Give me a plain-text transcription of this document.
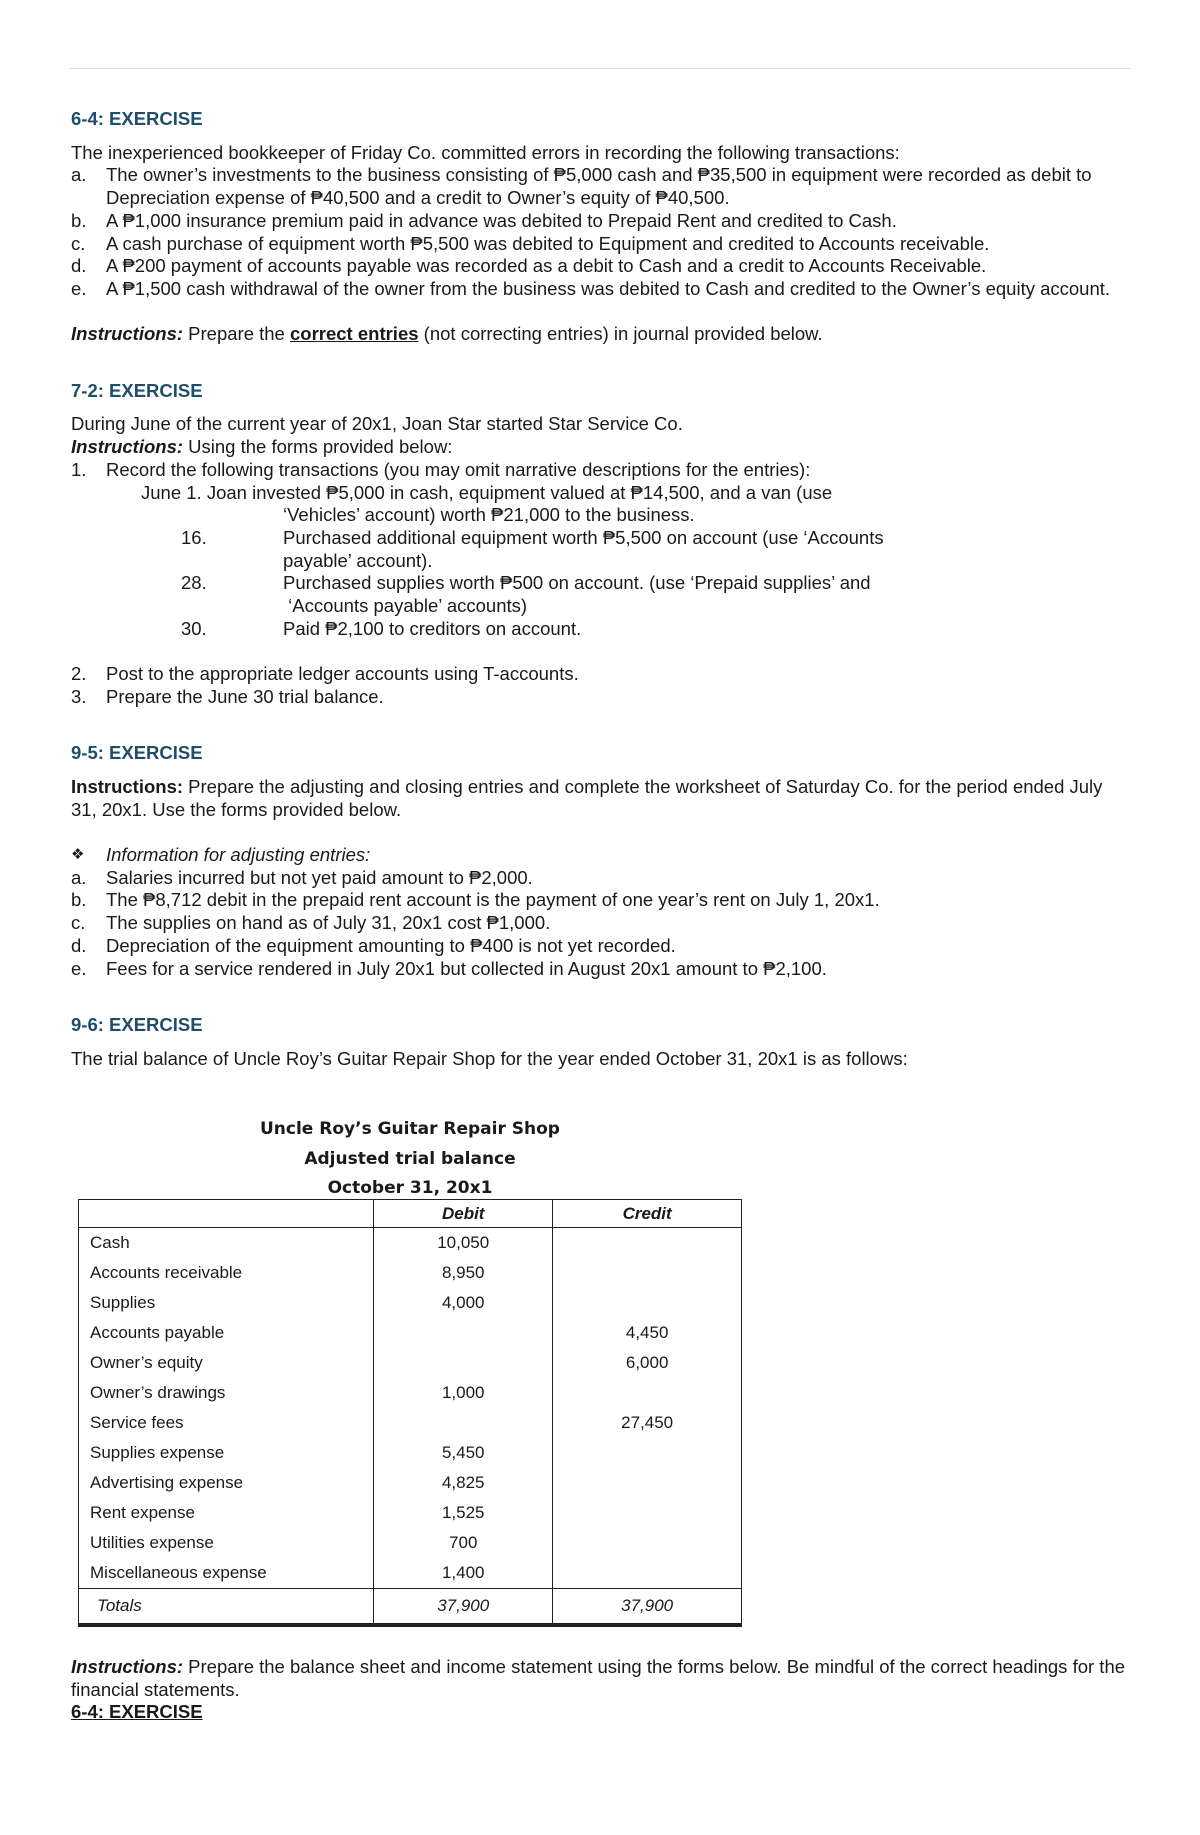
6-4: EXERCISE
The inexperienced bookkeeper of Friday Co. committed errors in recording the following transactions:
a. The owner’s investments to the business consisting of ₱5,000 cash and ₱35,500 in equipment were recorded as debit to Depreciation expense of ₱40,500 and a credit to Owner’s equity of ₱40,500.
b. A ₱1,000 insurance premium paid in advance was debited to Prepaid Rent and credited to Cash.
c. A cash purchase of equipment worth ₱5,500 was debited to Equipment and credited to Accounts receivable.
d. A ₱200 payment of accounts payable was recorded as a debit to Cash and a credit to Accounts Receivable.
e. A ₱1,500 cash withdrawal of the owner from the business was debited to Cash and credited to the Owner’s equity account.
Instructions: Prepare the correct entries (not correcting entries) in journal provided below.
7-2: EXERCISE
During June of the current year of 20x1, Joan Star started Star Service Co.
Instructions: Using the forms provided below:
1. Record the following transactions (you may omit narrative descriptions for the entries):
June 1. Joan invested ₱5,000 in cash, equipment valued at ₱14,500, and a van (use
‘Vehicles’ account) worth ₱21,000 to the business.
16.	Purchased additional equipment worth ₱5,500 on account (use ‘Accounts
payable’ account).
28.	Purchased supplies worth ₱500 on account. (use ‘Prepaid supplies’ and
‘Accounts payable’ accounts)
30.	Paid ₱2,100 to creditors on account.
2. Post to the appropriate ledger accounts using T-accounts.
3. Prepare the June 30 trial balance.
9-5: EXERCISE
Instructions: Prepare the adjusting and closing entries and complete the worksheet of Saturday Co. for the period ended July 31, 20x1. Use the forms provided below.
❖ Information for adjusting entries:
a. Salaries incurred but not yet paid amount to ₱2,000.
b. The ₱8,712 debit in the prepaid rent account is the payment of one year’s rent on July 1, 20x1.
c. The supplies on hand as of July 31, 20x1 cost ₱1,000.
d. Depreciation of the equipment amounting to ₱400 is not yet recorded.
e. Fees for a service rendered in July 20x1 but collected in August 20x1 amount to ₱2,100.
9-6: EXERCISE
The trial balance of Uncle Roy’s Guitar Repair Shop for the year ended October 31, 20x1 is as follows:
Uncle Roy’s Guitar Repair Shop
Adjusted trial balance
October 31, 20x1
	Debit	Credit
Cash	10,050	
Accounts receivable	8,950	
Supplies	4,000	
Accounts payable		4,450
Owner’s equity		6,000
Owner’s drawings	1,000	
Service fees		27,450
Supplies expense	5,450	
Advertising expense	4,825	
Rent expense	1,525	
Utilities expense	700	
Miscellaneous expense	1,400	
Totals	37,900	37,900
Instructions: Prepare the balance sheet and income statement using the forms below. Be mindful of the correct headings for the financial statements.
6-4: EXERCISE
